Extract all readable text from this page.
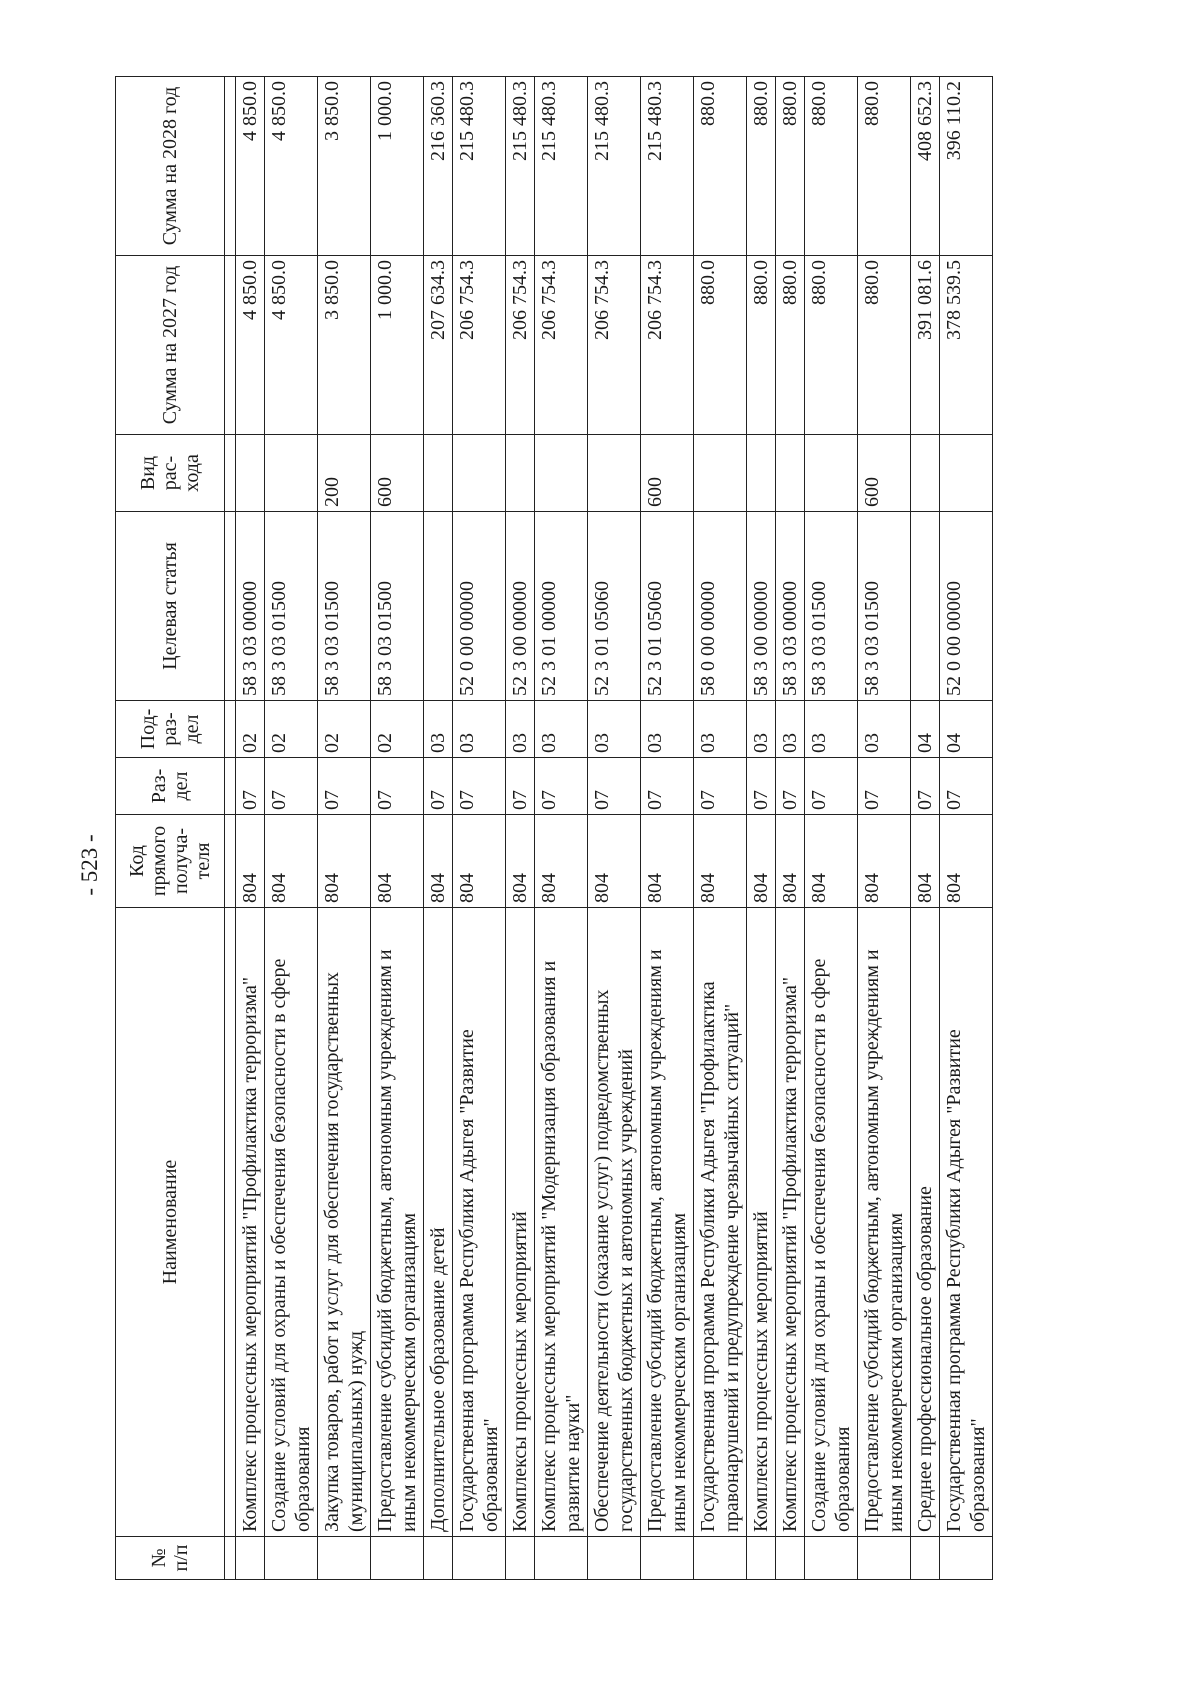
- 523 -
№ п/п	Наименование	Код прямого получа-теля	Раз-дел	Под-раз-дел	Целевая статья	Вид рас-хода	Сумма на 2027 год	Сумма на 2028 год

	Комплекс процессных мероприятий "Профилактика терроризма"	804	07	02	58 3 03 00000		4 850.0	4 850.0
	Создание условий для охраны и обеспечения безопасности в сфере образования	804	07	02	58 3 03 01500		4 850.0	4 850.0
	Закупка товаров, работ и услуг для обеспечения государственных (муниципальных) нужд	804	07	02	58 3 03 01500	200	3 850.0	3 850.0
	Предоставление субсидий бюджетным, автономным учреждениям и иным некоммерческим организациям	804	07	02	58 3 03 01500	600	1 000.0	1 000.0
	Дополнительное образование детей	804	07	03			207 634.3	216 360.3
	Государственная программа Республики Адыгея "Развитие образования"	804	07	03	52 0 00 00000		206 754.3	215 480.3
	Комплексы процессных мероприятий	804	07	03	52 3 00 00000		206 754.3	215 480.3
	Комплекс процессных мероприятий "Модернизация образования и развитие науки"	804	07	03	52 3 01 00000		206 754.3	215 480.3
	Обеспечение деятельности (оказание услуг) подведомственных государственных бюджетных и автономных учреждений	804	07	03	52 3 01 05060		206 754.3	215 480.3
	Предоставление субсидий бюджетным, автономным учреждениям и иным некоммерческим организациям	804	07	03	52 3 01 05060	600	206 754.3	215 480.3
	Государственная программа Республики Адыгея "Профилактика правонарушений и предупреждение чрезвычайных ситуаций"	804	07	03	58 0 00 00000		880.0	880.0
	Комплексы процессных мероприятий	804	07	03	58 3 00 00000		880.0	880.0
	Комплекс процессных мероприятий "Профилактика терроризма"	804	07	03	58 3 03 00000		880.0	880.0
	Создание условий для охраны и обеспечения безопасности в сфере образования	804	07	03	58 3 03 01500		880.0	880.0
	Предоставление субсидий бюджетным, автономным учреждениям и иным некоммерческим организациям	804	07	03	58 3 03 01500	600	880.0	880.0
	Среднее профессиональное образование	804	07	04			391 081.6	408 652.3
	Государственная программа Республики Адыгея "Развитие образования"	804	07	04	52 0 00 00000		378 539.5	396 110.2
